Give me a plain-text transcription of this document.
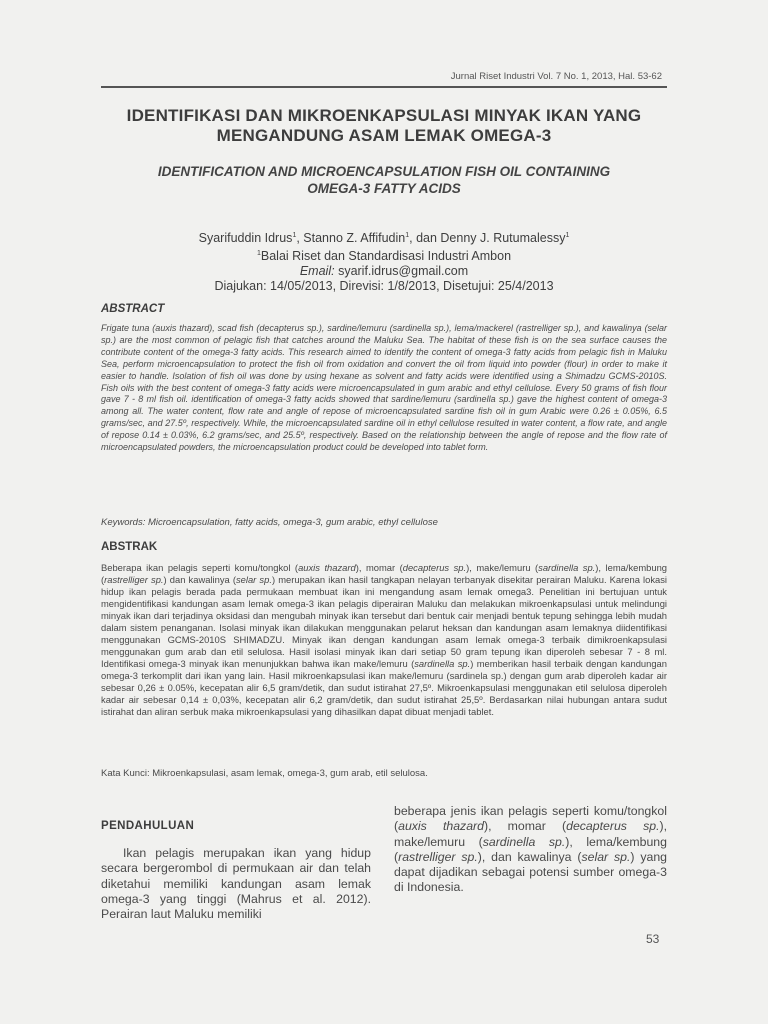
Jurnal Riset Industri Vol. 7 No. 1, 2013, Hal. 53-62
IDENTIFIKASI DAN MIKROENKAPSULASI MINYAK IKAN YANG
MENGANDUNG ASAM LEMAK OMEGA-3
IDENTIFICATION AND MICROENCAPSULATION FISH OIL CONTAINING
OMEGA-3 FATTY ACIDS
Syarifuddin Idrus$^1$, Stanno Z. Affifudin$^1$, dan Denny J. Rutumalessy$^1$
$^1$Balai Riset dan Standardisasi Industri Ambon
Email: syarif.idrus@gmail.com
Diajukan: 14/05/2013, Direvisi: 1/8/2013, Disetujui: 25/4/2013
ABSTRACT
Frigate tuna (auxis thazard), scad fish (decapterus sp.), sardine/lemuru (sardinella sp.), lema/mackerel (rastrelliger sp.), and kawalinya (selar sp.) are the most common of pelagic fish that catches around the Maluku Sea. The habitat of these fish is on the sea surface causes the contribute content of the omega-3 fatty acids. This research aimed to identify the content of omega-3 fatty acids from pelagic fish in Maluku Sea, perform microencapsulation to protect the fish oil from oxidation and convert the oil from liquid into powder (flour) in order to make it easier to handle. Isolation of fish oil was done by using hexane as solvent and fatty acids were identified using a Shimadzu GCMS-2010S. Fish oils with the best content of omega-3 fatty acids were microencapsulated in gum arabic and ethyl cellulose. Every 50 grams of fish flour gave 7 - 8 ml fish oil. identification of omega-3 fatty acids showed that sardine/lemuru (sardinella sp.) gave the highest content of omega-3 among all. The water content, flow rate and angle of repose of microencapsulated sardine fish oil in gum Arabic were 0.26 ± 0.05%, 6.5 grams/sec, and 27.5º, respectively. While, the microencapsulated sardine oil in ethyl cellulose resulted in water content, a flow rate, and angle of repose 0.14 ± 0.03%, 6.2 grams/sec, and 25.5º, respectively. Based on the relationship between the angle of repose and the flow rate of microencapsulated powders, the microencapsulation product could be developed into tablet form.
Keywords: Microencapsulation, fatty acids, omega-3, gum arabic, ethyl cellulose
ABSTRAK
Beberapa ikan pelagis seperti komu/tongkol (auxis thazard), momar (decapterus sp.), make/lemuru (sardinella sp.), lema/kembung (rastrelliger sp.) dan kawalinya (selar sp.) merupakan ikan hasil tangkapan nelayan terbanyak disekitar perairan Maluku. Karena lokasi hidup ikan pelagis berada pada permukaan membuat ikan ini mengandung asam lemak omega3. Penelitian ini bertujuan untuk mengidentifikasi kandungan asam lemak omega-3 ikan pelagis diperairan Maluku dan melakukan mikroenkapsulasi untuk melindungi minyak ikan dari terjadinya oksidasi dan mengubah minyak ikan tersebut dari bentuk cair menjadi bentuk tepung sehingga lebih mudah dalam sistem penanganan. Isolasi minyak ikan dilakukan menggunakan pelarut heksan dan kandungan asam lemaknya diidentifikasi menggunakan GCMS-2010S SHIMADZU. Minyak ikan dengan kandungan asam lemak omega-3 terbaik dimikroenkapsulasi menggunakan gum arab dan etil selulosa. Hasil isolasi minyak ikan dari setiap 50 gram tepung ikan diperoleh sebesar 7 - 8 ml. Identifikasi omega-3 minyak ikan menunjukkan bahwa ikan make/lemuru (sardinella sp.) memberikan hasil terbaik dengan kandungan omega-3 terkomplit dari ikan yang lain. Hasil mikroenkapsulasi ikan make/lemuru (sardinela sp.) dengan gum arab diperoleh kadar air sebesar 0,26 ± 0.05%, kecepatan alir 6,5 gram/detik, dan sudut istirahat 27,5º. Mikroenkapsulasi menggunakan etil selulosa diperoleh kadar air sebesar 0,14 ± 0,03%, kecepatan alir 6,2 gram/detik, dan sudut istirahat 25,5º. Berdasarkan nilai hubungan antara sudut istirahat dan aliran serbuk maka mikroenkapsulasi yang dihasilkan dapat dibuat menjadi tablet.
Kata Kunci: Mikroenkapsulasi, asam lemak, omega-3, gum arab, etil selulosa.
PENDAHULUAN

Ikan pelagis merupakan ikan yang hidup secara bergerombol di permukaan air dan telah diketahui memiliki kandungan asam lemak omega-3 yang tinggi (Mahrus et al. 2012). Perairan laut Maluku memiliki

beberapa jenis ikan pelagis seperti komu/tongkol (auxis thazard), momar (decapterus sp.), make/lemuru (sardinella sp.), lema/kembung (rastrelliger sp.), dan kawalinya (selar sp.) yang dapat dijadikan sebagai potensi sumber omega-3 di Indonesia.

53
